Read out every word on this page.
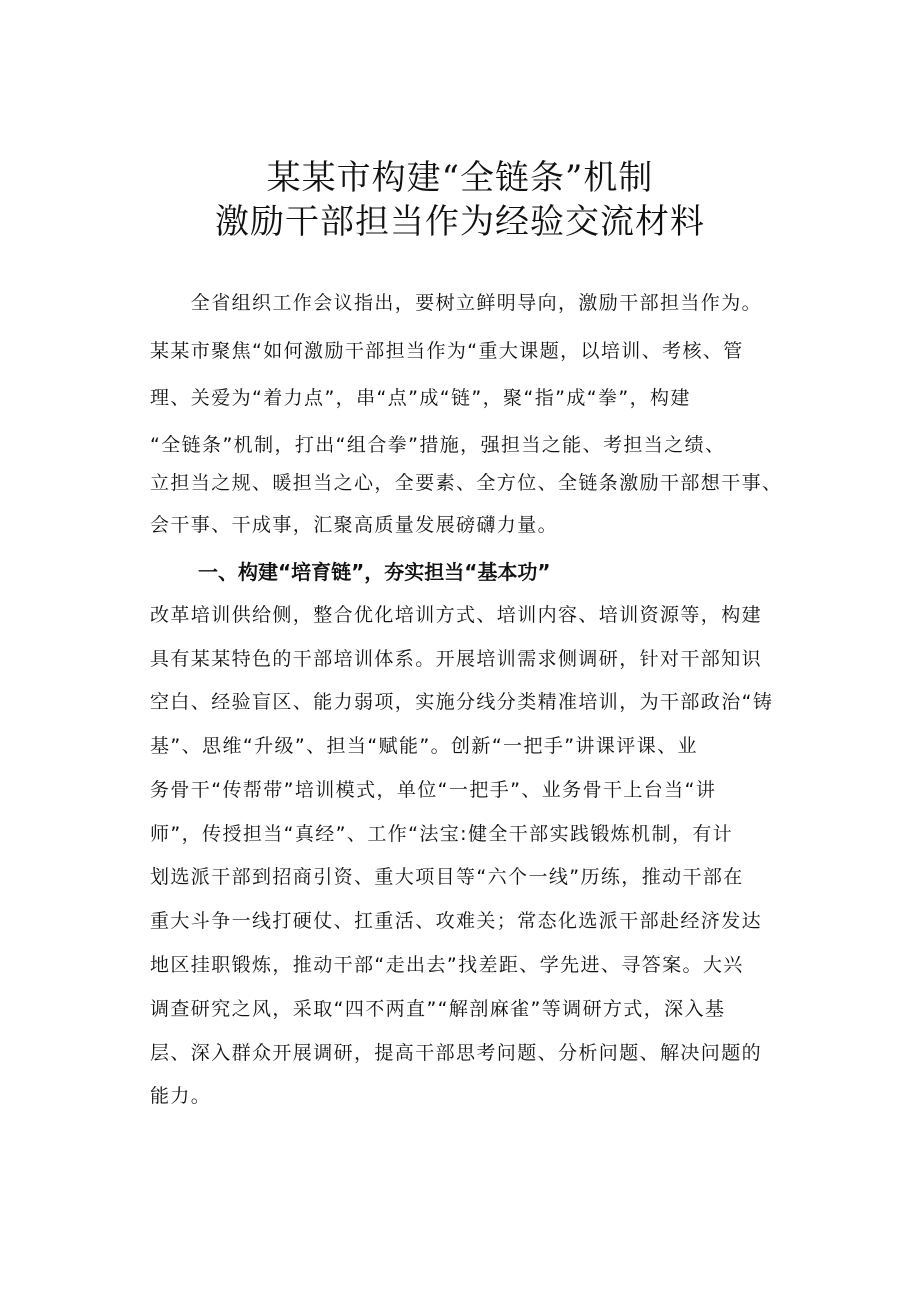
某某市构建“全链条”机制
激励干部担当作为经验交流材料
　　全省组织工作会议指出，要树立鲜明导向，激励干部担当作为。
某某市聚焦“如何激励干部担当作为“重大课题，以培训、考核、管
理、关爱为“着力点”，串“点”成“链”，聚“指”成“拳”，构建
“全链条”机制，打出“组合拳”措施，强担当之能、考担当之绩、
立担当之规、暖担当之心，全要素、全方位、全链条激励干部想干事、
会干事、干成事，汇聚高质量发展磅礴力量。
一、构建“培育链”，夯实担当“基本功”
改革培训供给侧，整合优化培训方式、培训内容、培训资源等，构建
具有某某特色的干部培训体系。开展培训需求侧调研，针对干部知识
空白、经验盲区、能力弱项，实施分线分类精准培训，为干部政治“铸
基”、思维“升级”、担当“赋能”。创新“一把手”讲课评课、业
务骨干“传帮带”培训模式，单位“一把手”、业务骨干上台当“讲
师”，传授担当“真经”、工作“法宝:健全干部实践锻炼机制，有计
划选派干部到招商引资、重大项目等“六个一线”历练，推动干部在
重大斗争一线打硬仗、扛重活、攻难关；常态化选派干部赴经济发达
地区挂职锻炼，推动干部“走出去”找差距、学先进、寻答案。大兴
调查研究之风，采取“四不两直”“解剖麻雀”等调研方式，深入基
层、深入群众开展调研，提高干部思考问题、分析问题、解决问题的
能力。
